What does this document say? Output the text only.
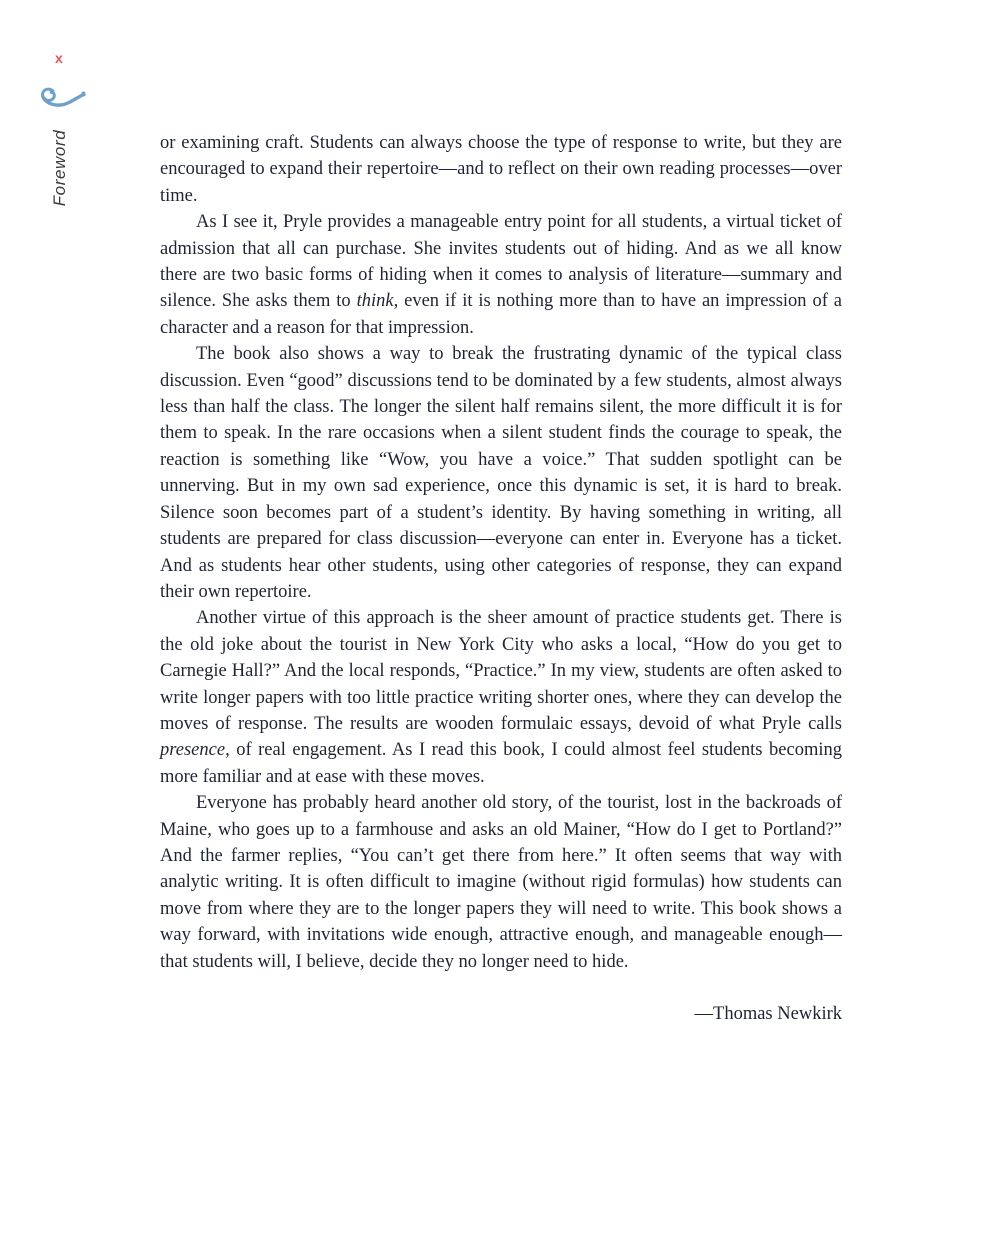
x
Foreword	or examining craft. Students can always choose the type of response to write, but they are encouraged to expand their repertoire—and to reflect on their own reading processes—over time.

As I see it, Pryle provides a manageable entry point for all students, a virtual ticket of admission that all can purchase. She invites students out of hiding. And as we all know there are two basic forms of hiding when it comes to analysis of literature—summary and silence. She asks them to think, even if it is nothing more than to have an impression of a character and a reason for that impression.

The book also shows a way to break the frustrating dynamic of the typical class discussion. Even “good” discussions tend to be dominated by a few students, almost always less than half the class. The longer the silent half remains silent, the more difficult it is for them to speak. In the rare occasions when a silent student finds the courage to speak, the reaction is something like “Wow, you have a voice.” That sudden spotlight can be unnerving. But in my own sad experience, once this dynamic is set, it is hard to break. Silence soon becomes part of a student’s identity. By having something in writing, all students are prepared for class discussion—everyone can enter in. Everyone has a ticket. And as students hear other students, using other categories of response, they can expand their own repertoire.

Another virtue of this approach is the sheer amount of practice students get. There is the old joke about the tourist in New York City who asks a local, “How do you get to Carnegie Hall?” And the local responds, “Practice.” In my view, students are often asked to write longer papers with too little practice writing shorter ones, where they can develop the moves of response. The results are wooden formulaic essays, devoid of what Pryle calls presence, of real engagement. As I read this book, I could almost feel students becoming more familiar and at ease with these moves.

Everyone has probably heard another old story, of the tourist, lost in the backroads of Maine, who goes up to a farmhouse and asks an old Mainer, “How do I get to Portland?” And the farmer replies, “You can’t get there from here.” It often seems that way with analytic writing. It is often difficult to imagine (without rigid formulas) how students can move from where they are to the longer papers they will need to write. This book shows a way forward, with invitations wide enough, attractive enough, and manageable enough—that students will, I believe, decide they no longer need to hide.

—Thomas Newkirk
